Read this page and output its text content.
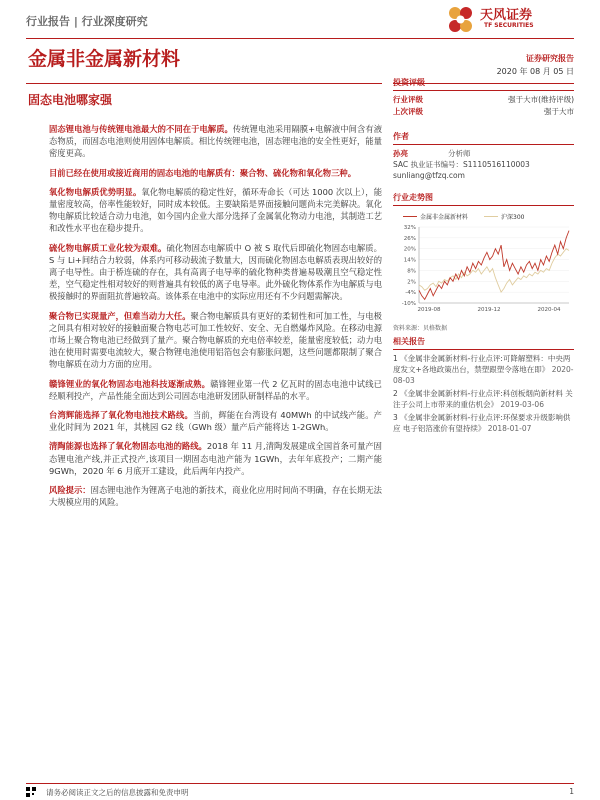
行业报告 | 行业深度研究	天风证券
TF SECURITIES
金属非金属新材料	证券研究报告
2020 年 08 月 05 日
固态电池哪家强

固态锂电池与传统锂电池最大的不同在于电解质。传统锂电池采用隔膜+电解液中间含有液态物质，而固态电池则使用固体电解质。相比传统锂电池，固态锂电池的安全性更好，能量密度更高。

目前已经在使用或接近商用的固态电池的电解质有：聚合物、硫化物和氧化物三种。

氧化物电解质优势明显。氧化物电解质的稳定性好，循环寿命长（可达 1000 次以上），能量密度较高，倍率性能较好，同时成本较低。主要缺陷是界面接触问题尚未完美解决。氧化物电解质比较适合动力电池，如今国内企业大部分选择了金属氧化物动力电池，其制造工艺和改性水平也在稳步提升。

硫化物电解质工业化较为艰难。硫化物固态电解质中 O 被 S 取代后即硫化物固态电解质。S 与 Li+间结合力较弱，体系内可移动载流子数量大，因而硫化物固态电解质表现出较好的离子电导性。由于桥连硫的存在，具有高离子电导率的硫化物种类普遍易吸潮且空气稳定性差，空气稳定性相对较好的则普遍具有较低的离子电导率。此外硫化物体系作为电解质与电极接触时的界面阻抗普遍较高。该体系在电池中的实际应用还有不少问题需解决。

聚合物已实现量产，但难当动力大任。聚合物电解质具有更好的柔韧性和可加工性，与电极之间具有相对较好的接触面聚合物电芯可加工性较好、安全、无自燃爆炸风险。在移动电源市场上聚合物电池已经做到了量产。聚合物电解质的充电倍率较差，能量密度较低；动力电池在使用时需要电流较大，聚合物锂电池使用铝箔包会有膨胀问题，这些问题都限制了聚合物电解质在动力方面的应用。

赣锋锂业的氧化物固态电池科技逐渐成熟。赣锋锂业第一代 2 亿瓦时的固态电池中试线已经顺利投产，产品性能全面达到公司固态电池研发团队研制样品的水平。

台湾辉能选择了氧化物电池技术路线。当前，辉能在台湾设有 40MWh 的中试线产能。产业化时间为 2021 年，其桃园 G2 线（GWh 级）量产后产能将达 1-2GWh。

清陶能源也选择了氧化物固态电池的路线。2018 年 11 月,清陶发展建成全国首条可量产固态锂电池产线,并正式投产,该项目一期固态电池产能为 1GWh，去年年底投产；二期产能 9GWh，2020 年 6 月底开工建设，此后两年内投产。

风险提示：固态锂电池作为锂离子电池的新技术，商业化应用时间尚不明确，存在长期无法大规模应用的风险。

投资评级
行业评级	强于大市(维持评级)
上次评级	强于大市
作者
孙亮	分析师
SAC 执业证书编号：S1110516110003
sunliang@tfzq.com
行业走势图
金属非金属新材料	沪深300
-10%
-4%
2%
8%
14%
20%
26%
32%
2019-08	2019-12	2020-04
资料来源：贝格数据
相关报告
1 《金属非金属新材料-行业点评:可降解塑料：中央两度发文+各地政策出台，禁塑跟塑令落地在即》 2020-08-03
2 《金属非金属新材料-行业点评:科创板烟尚新材料 关注子公司上市带来的重估机会》 2019-03-06
3 《金属非金属新材料-行业点评:环保要求升级影响供应 电子铝箔涨价有望持续》 2018-01-07
请务必阅读正文之后的信息披露和免责申明	1
